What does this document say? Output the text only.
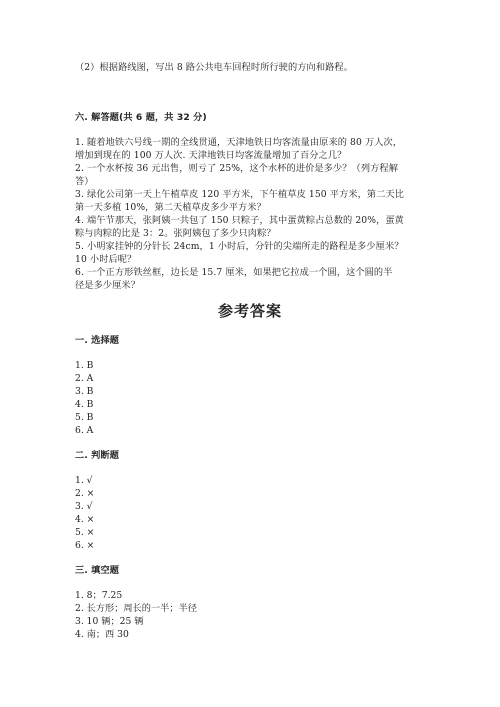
（2）根据路线图，写出 8 路公共电车回程时所行驶的方向和路程。
六. 解答题(共 6 题，共 32 分)
1. 随着地铁六号线一期的全线贯通，天津地铁日均客流量由原来的 80 万人次，
增加到现在的 100 万人次. 天津地铁日均客流量增加了百分之几？
2. 一个水杯按 36 元出售，则亏了 25%，这个水杯的进价是多少？（列方程解
答）
3. 绿化公司第一天上午植草皮 120 平方米，下午植草皮 150 平方米，第二天比
第一天多植 10%，第二天植草皮多少平方米？
4. 端午节那天，张阿姨一共包了 150 只粽子，其中蛋黄粽占总数的 20%，蛋黄
粽与肉粽的比是 3：2。张阿姨包了多少只肉粽？
5. 小明家挂钟的分针长 24cm，1 小时后，分针的尖端所走的路程是多少厘米？
10 小时后呢？
6. 一个正方形铁丝框，边长是 15.7 厘米，如果把它拉成一个圆，这个圆的半
径是多少厘米？
参考答案
一. 选择题
1. B
2. A
3. B
4. B
5. B
6. A
二. 判断题
1. √
2. ×
3. √
4. ×
5. ×
6. ×
三. 填空题
1. 8；7.25
2. 长方形；周长的一半；半径
3. 10 辆；25 辆
4. 南；西 30
